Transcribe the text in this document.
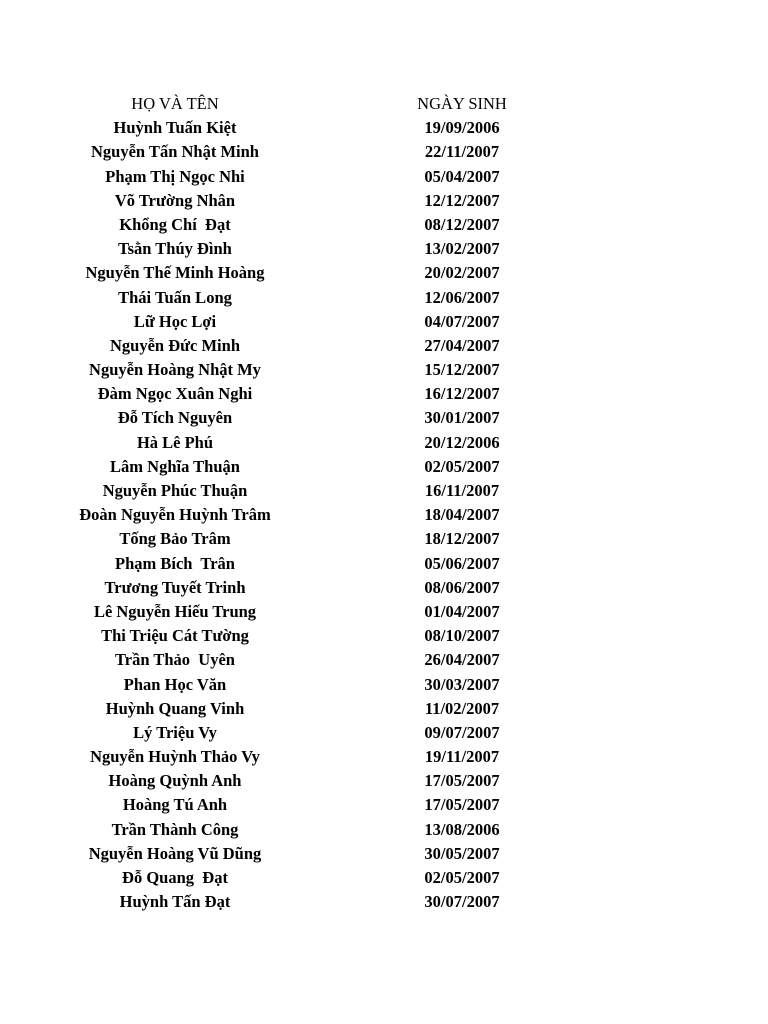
HỌ VÀ TÊN	NGÀY SINH
Huỳnh Tuấn Kiệt	19/09/2006
Nguyễn Tấn Nhật Minh	22/11/2007
Phạm Thị Ngọc Nhi	05/04/2007
Võ Trường Nhân	12/12/2007
Khổng Chí  Đạt	08/12/2007
Tsằn Thúy Đình	13/02/2007
Nguyễn Thế Minh Hoàng	20/02/2007
Thái Tuấn Long	12/06/2007
Lữ Học Lợi	04/07/2007
Nguyễn Đức Minh	27/04/2007
Nguyễn Hoàng Nhật My	15/12/2007
Đàm Ngọc Xuân Nghi	16/12/2007
Đỗ Tích Nguyên	30/01/2007
Hà Lê Phú	20/12/2006
Lâm Nghĩa Thuận	02/05/2007
Nguyễn Phúc Thuận	16/11/2007
Đoàn Nguyễn Huỳnh Trâm	18/04/2007
Tống Bảo Trâm	18/12/2007
Phạm Bích  Trân	05/06/2007
Trương Tuyết Trinh	08/06/2007
Lê Nguyễn Hiếu Trung	01/04/2007
Thi Triệu Cát Tường	08/10/2007
Trần Thảo  Uyên	26/04/2007
Phan Học Văn	30/03/2007
Huỳnh Quang Vinh	11/02/2007
Lý Triệu Vy	09/07/2007
Nguyễn Huỳnh Thảo Vy	19/11/2007
Hoàng Quỳnh Anh	17/05/2007
Hoàng Tú Anh	17/05/2007
Trần Thành Công	13/08/2006
Nguyễn Hoàng Vũ Dũng	30/05/2007
Đỗ Quang  Đạt	02/05/2007
Huỳnh Tấn Đạt	30/07/2007
